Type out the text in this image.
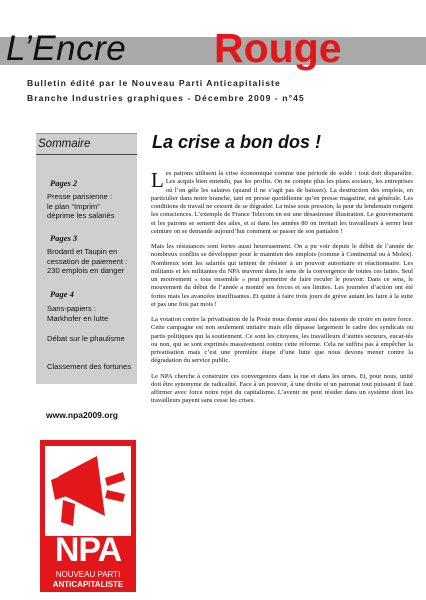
L’Encre Rouge
Bulletin édité par le Nouveau Parti Anticapitaliste
Branche Industries graphiques - Décembre 2009 - n°45
Sommaire
Pages 2
Presse parisienne :
le plan “Imprim”
déprime les salariés
Pages 3
Brodard et Taupin en
cessation de paiement :
230 emplois en danger
Page 4
Sans-papiers :
Markhofer en lutte
Débat sur le phaulisme
Classement des fortunes
www.npa2009.org
NPA
NOUVEAU PARTI
ANTICAPITALISTE
La crise a bon dos !

Les patrons utilisent la crise économique comme une période de solde : tout doit disparaître. Les acquis bien entendu, pas les profits. On ne compte plus les plans sociaux, les entreprises où l’on gèle les salaires (quand il ne s’agit pas de baisses). La destruction des emplois, en particulier dans notre branche, tant en presse quotidienne qu’en presse magazine, est générale. Les conditions de travail ne cessent de se dégrader. La mise sous pression, la peur du lendemain rongent les consciences. L’exemple de France Telecom en est une désastreuse illustration. Le gouvernement et les patrons se sentent des ailes, et si dans les années 80 on invitait les travailleurs à serrer leur ceinture on se demande aujourd’hui comment se passer de son pantalon !

Mais les résistances sont fortes aussi heureusement. On a pu voir depuis le début de l’année de nombreux conflits se développer pour le maintien des emplois (comme à Continental ou à Molex). Nombreux sont les salariés qui tentent de résister à un pouvoir autoritaire et réactionnaire. Les militants et les militantes du NPA œuvrent dans le sens de la convergence de toutes ces luttes. Seul un mouvement « tous ensemble » peut permettre de faire reculer le pouvoir. Dans ce sens, le mouvement du début de l’année a montré ses forces et ses limites. Les journées d’action ont été fortes mais les avancées insuffisantes. Et quitte à faire trois jours de grève autant les faire à la suite et pas une fois par mois !

La votation contre la privatisation de la Poste nous donne aussi des raisons de croire en notre force. Cette campagne est non seulement unitaire mais elle dépasse largement le cadre des syndicats ou partis politiques qui la soutiennent. Ce sont les citoyens, les travailleurs d’autres secteurs, eucar-tés ou non, qui se sont exprimés massivement contre cette réforme. Cela ne suffira pas à empêcher la privatisation mais c’est une première étape d’une lutte que nous devons mener contre la dégradation du service public.

Le NPA cherche à construire ces convergences dans la rue et dans les urnes. Et, pour nous, unité doit être synonyme de radicalité. Face à un pouvoir, à une droite et un patronat tout puissant il faut affirmer avec force notre rejet du capitalisme. L’avenir ne peut résider dans un système dont les travailleurs payent sans cesse les crises.
